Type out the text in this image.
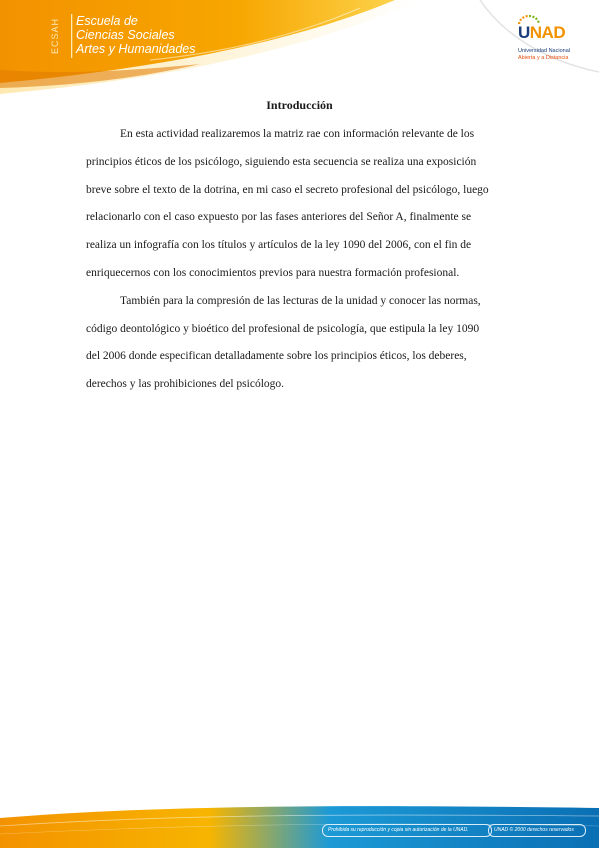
ECSAH	Escuela de
Ciencias Sociales
Artes y Humanidades
UNAD
Universidad Nacional
Abierta y a Distancia
Introducción
En esta actividad realizaremos la matriz rae con información relevante de los
principios éticos de los psicólogo, siguiendo esta secuencia se realiza una exposición
breve sobre el texto de la dotrina, en mi caso el secreto profesional del psicólogo, luego
relacionarlo con el caso expuesto por las fases anteriores del Señor A, finalmente se
realiza un infografía con los títulos y artículos de la ley 1090 del 2006, con el fin de
enriquecernos con los conocimientos previos para nuestra formación profesional.
También para la compresión de las lecturas de la unidad y conocer las normas,
código deontológico y bioético del profesional de psicología, que estipula la ley 1090
del 2006 donde especifican detalladamente sobre los principios éticos, los deberes,
derechos y las prohibiciones del psicólogo.
Prohibida su reproducción y copia sin autorización de la UNAD.	UNAD © 2000 derechos reservados
